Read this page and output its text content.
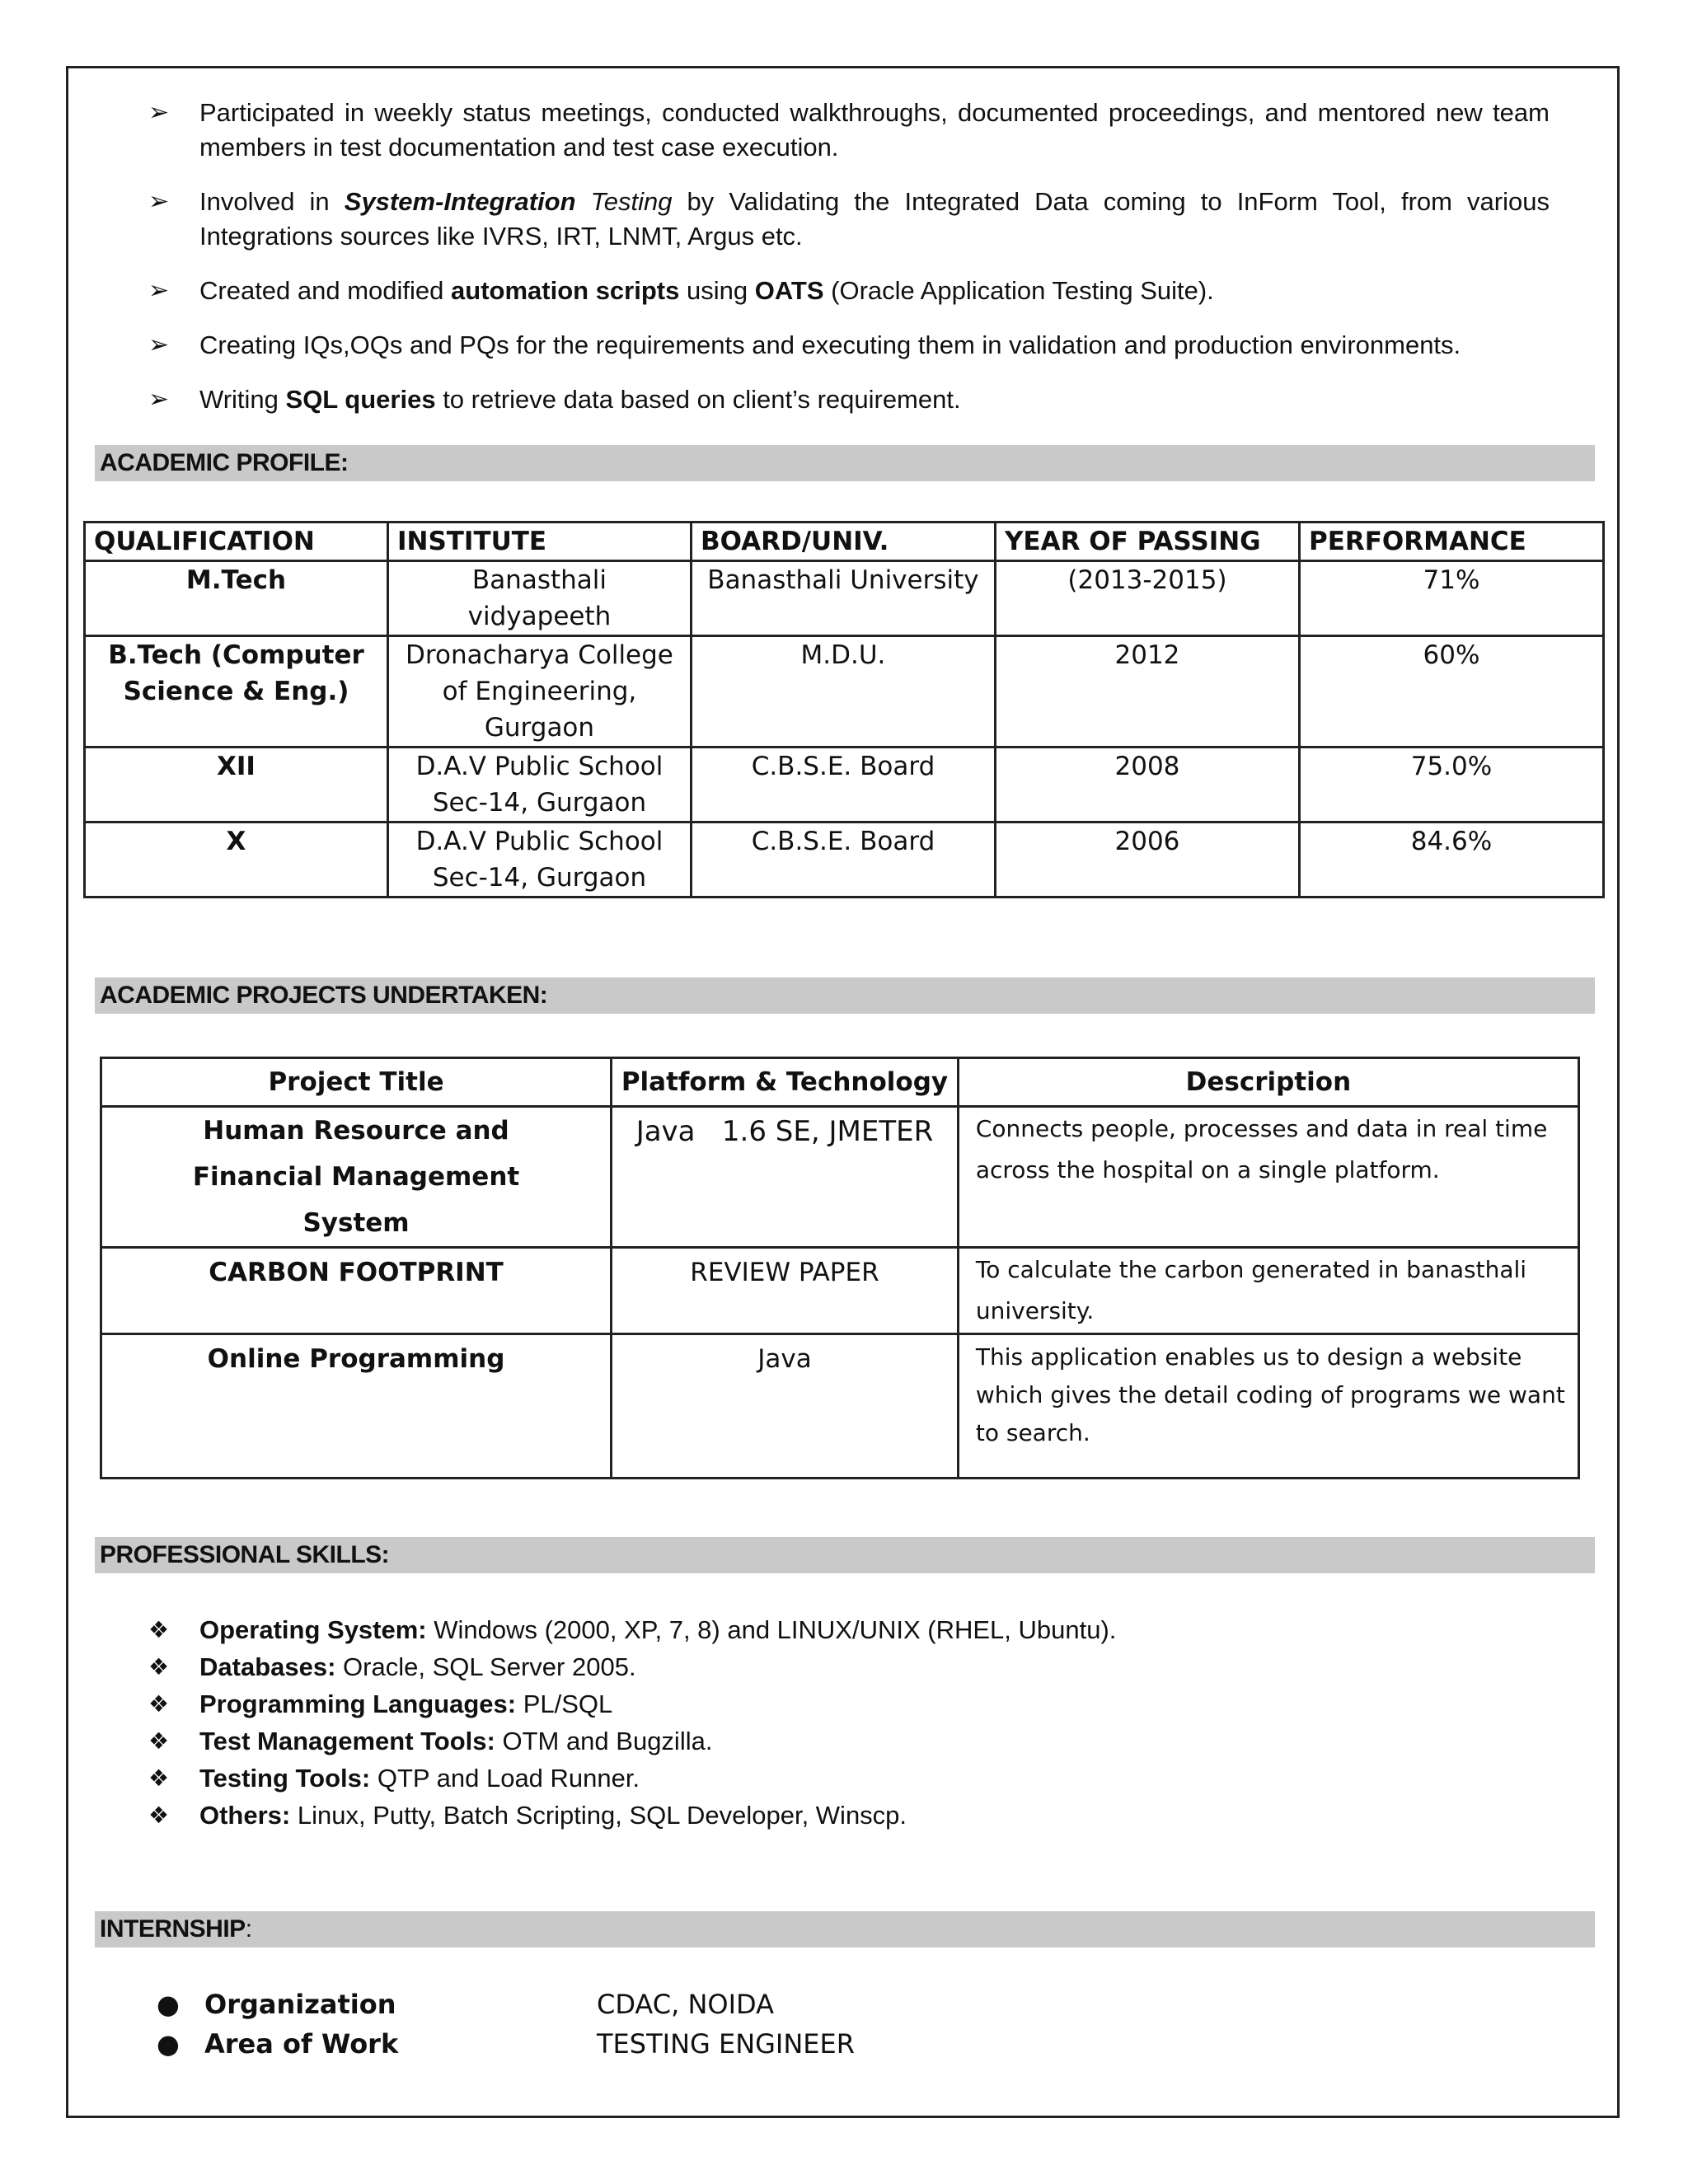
➢	Participated in weekly status meetings, conducted walkthroughs, documented proceedings, and mentored new team members in test documentation and test case execution.
➢	Involved in System-Integration Testing by Validating the Integrated Data coming to InForm Tool, from various Integrations sources like IVRS, IRT, LNMT, Argus etc.
➢	Created and modified automation scripts using OATS (Oracle Application Testing Suite).
➢	Creating IQs,OQs and PQs for the requirements and executing them in validation and production environments.
➢	Writing SQL queries to retrieve data based on client’s requirement.
ACADEMIC PROFILE:
QUALIFICATION	INSTITUTE	BOARD/UNIV.	YEAR OF PASSING	PERFORMANCE
M.Tech	Banasthali vidyapeeth	Banasthali University	(2013-2015)	71%
B.Tech (Computer Science & Eng.)	Dronacharya College of Engineering, Gurgaon	M.D.U.	2012	60%
XII	D.A.V Public School Sec-14, Gurgaon	C.B.S.E. Board	2008	75.0%
X	D.A.V Public School Sec-14, Gurgaon	C.B.S.E. Board	2006	84.6%
ACADEMIC PROJECTS UNDERTAKEN:
Project Title	Platform & Technology	Description
Human Resource and Financial Management System	Java   1.6 SE, JMETER	Connects people, processes and data in real time across the hospital on a single platform.
CARBON FOOTPRINT	REVIEW PAPER	To calculate the carbon generated in banasthali university.
Online Programming	Java	This application enables us to design a website which gives the detail coding of programs we want to search.
PROFESSIONAL SKILLS:
❖	Operating System: Windows (2000, XP, 7, 8) and LINUX/UNIX (RHEL, Ubuntu).
❖	Databases: Oracle, SQL Server 2005.
❖	Programming Languages: PL/SQL
❖	Test Management Tools: OTM and Bugzilla.
❖	Testing Tools: QTP and Load Runner.
❖	Others: Linux, Putty, Batch Scripting, SQL Developer, Winscp.
INTERNSHIP:
● Organization	CDAC, NOIDA
● Area of Work	TESTING ENGINEER
